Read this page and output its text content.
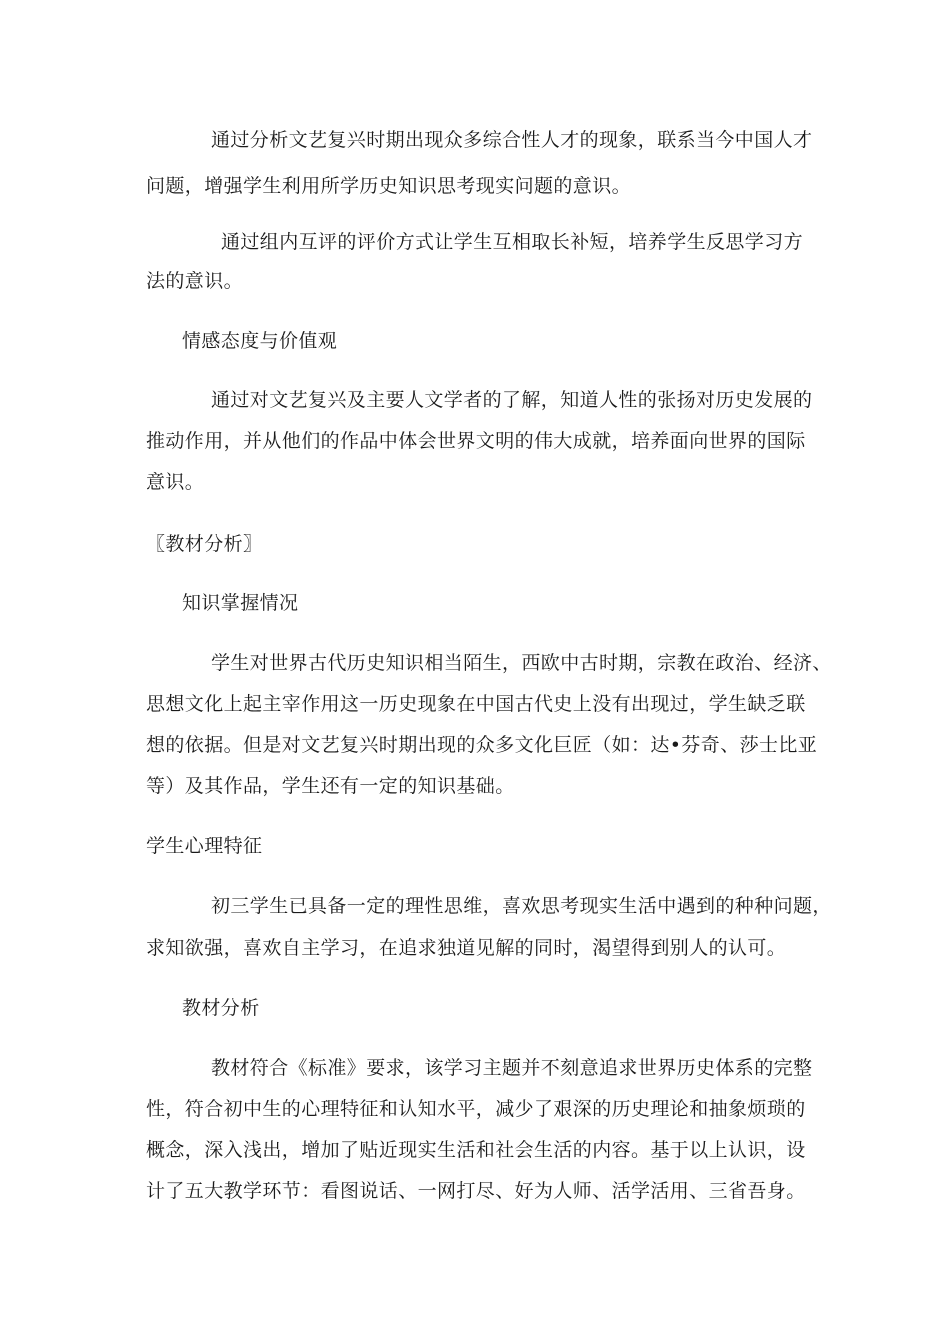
通过分析文艺复兴时期出现众多综合性人才的现象，联系当今中国人才
问题，增强学生利用所学历史知识思考现实问题的意识。
通过组内互评的评价方式让学生互相取长补短，培养学生反思学习方
法的意识。
情感态度与价值观
通过对文艺复兴及主要人文学者的了解，知道人性的张扬对历史发展的
推动作用，并从他们的作品中体会世界文明的伟大成就，培养面向世界的国际
意识。
〖教材分析〗
知识掌握情况
学生对世界古代历史知识相当陌生，西欧中古时期，宗教在政治、经济、
思想文化上起主宰作用这一历史现象在中国古代史上没有出现过，学生缺乏联
想的依据。但是对文艺复兴时期出现的众多文化巨匠（如：达•芬奇、莎士比亚
等）及其作品，学生还有一定的知识基础。
学生心理特征
初三学生已具备一定的理性思维，喜欢思考现实生活中遇到的种种问题，
求知欲强，喜欢自主学习，在追求独道见解的同时，渴望得到别人的认可。
教材分析
教材符合《标准》要求，该学习主题并不刻意追求世界历史体系的完整
性，符合初中生的心理特征和认知水平，减少了艰深的历史理论和抽象烦琐的
概念，深入浅出，增加了贴近现实生活和社会生活的内容。基于以上认识，设
计了五大教学环节：看图说话、一网打尽、好为人师、活学活用、三省吾身。
